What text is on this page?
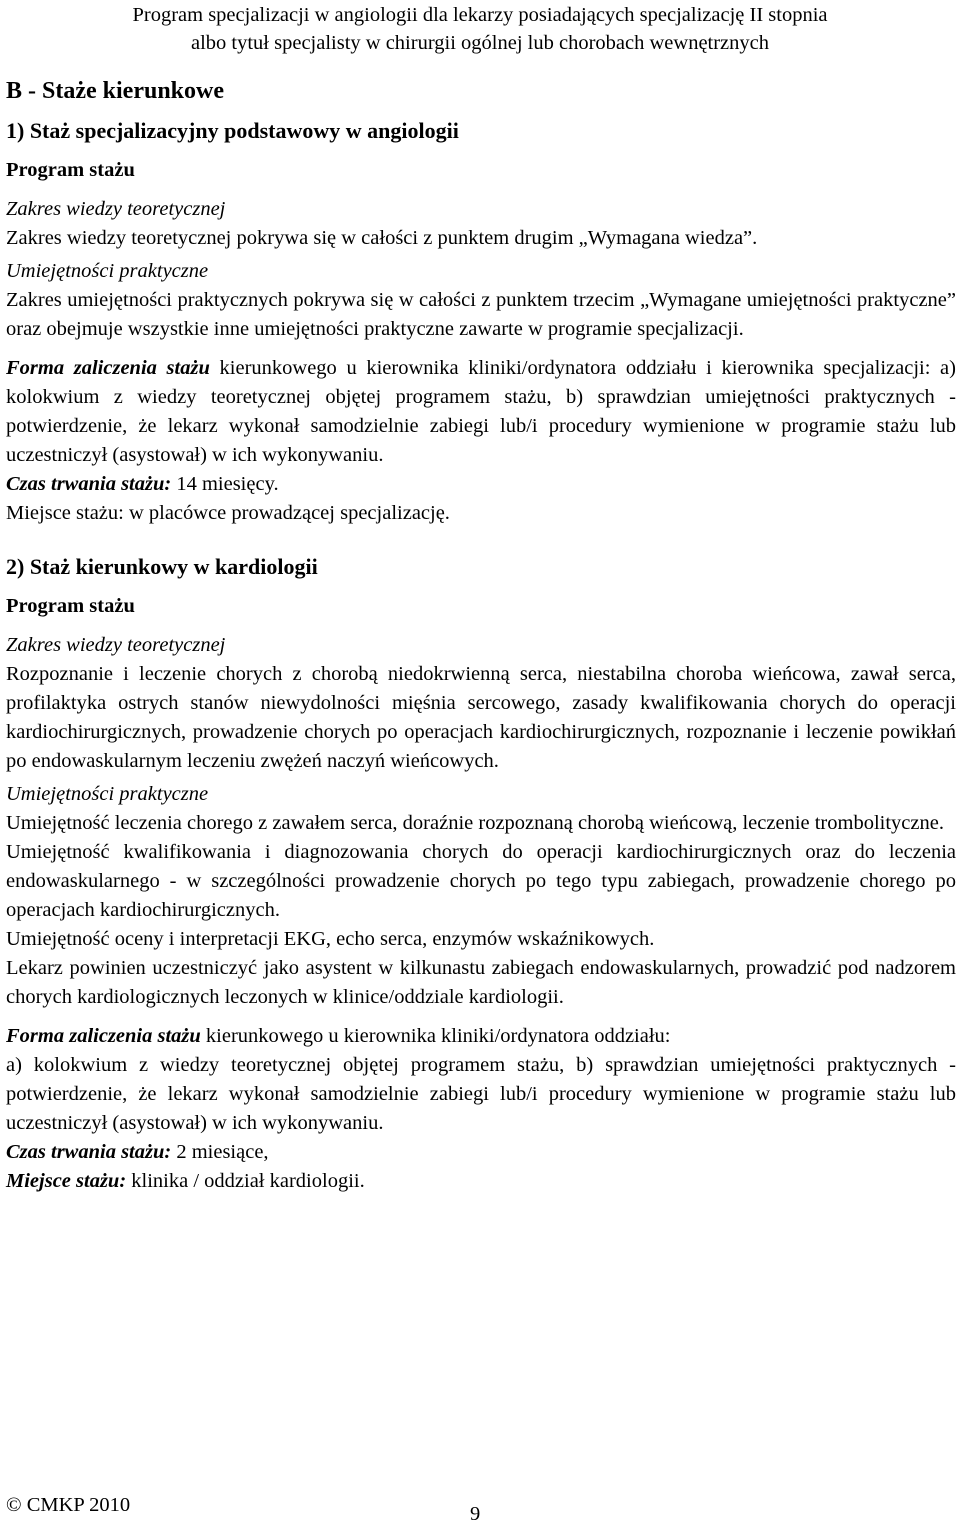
Program specjalizacji w angiologii dla lekarzy posiadających specjalizację II stopnia
albo tytuł specjalisty w chirurgii ogólnej lub chorobach wewnętrznych
B - Staże kierunkowe
1) Staż specjalizacyjny podstawowy w angiologii
Program stażu
Zakres wiedzy teoretycznej

Zakres wiedzy teoretycznej pokrywa się w całości z punktem drugim „Wymagana wiedza”.

Umiejętności praktyczne

Zakres umiejętności praktycznych pokrywa się w całości z punktem trzecim „Wymagane umiejętności praktyczne” oraz obejmuje wszystkie inne umiejętności praktyczne zawarte w programie specjalizacji.

Forma zaliczenia stażu kierunkowego u kierownika kliniki/ordynatora oddziału i kierownika specjalizacji: a) kolokwium z wiedzy teoretycznej objętej programem stażu, b) sprawdzian umiejętności praktycznych - potwierdzenie, że lekarz wykonał samodzielnie zabiegi lub/i procedury wymienione w programie stażu lub uczestniczył (asystował) w ich wykonywaniu.

Czas trwania stażu: 14 miesięcy.

Miejsce stażu: w placówce prowadzącej specjalizację.

2) Staż kierunkowy w kardiologii
Program stażu
Zakres wiedzy teoretycznej

Rozpoznanie i leczenie chorych z chorobą niedokrwienną serca, niestabilna choroba wieńcowa, zawał serca, profilaktyka ostrych stanów niewydolności mięśnia sercowego, zasady kwalifikowania chorych do operacji kardiochirurgicznych, prowadzenie chorych po operacjach kardiochirurgicznych, rozpoznanie i leczenie powikłań po endowaskularnym leczeniu zwężeń naczyń wieńcowych.

Umiejętności praktyczne

Umiejętność leczenia chorego z zawałem serca, doraźnie rozpoznaną chorobą wieńcową, leczenie trombolityczne.

Umiejętność kwalifikowania i diagnozowania chorych do operacji kardiochirurgicznych oraz do leczenia endowaskularnego - w szczególności prowadzenie chorych po tego typu zabiegach, prowadzenie chorego po operacjach kardiochirurgicznych.

Umiejętność oceny i interpretacji EKG, echo serca, enzymów wskaźnikowych.

Lekarz powinien uczestniczyć jako asystent w kilkunastu zabiegach endowaskularnych, prowadzić pod nadzorem chorych kardiologicznych leczonych w klinice/oddziale kardiologii.

Forma zaliczenia stażu kierunkowego u kierownika kliniki/ordynatora oddziału:

a) kolokwium z wiedzy teoretycznej objętej programem stażu, b) sprawdzian umiejętności praktycznych - potwierdzenie, że lekarz wykonał samodzielnie zabiegi lub/i procedury wymienione w programie stażu lub uczestniczył (asystował) w ich wykonywaniu.

Czas trwania stażu: 2 miesiące,

Miejsce stażu: klinika / oddział kardiologii.

© CMKP 2010	9
